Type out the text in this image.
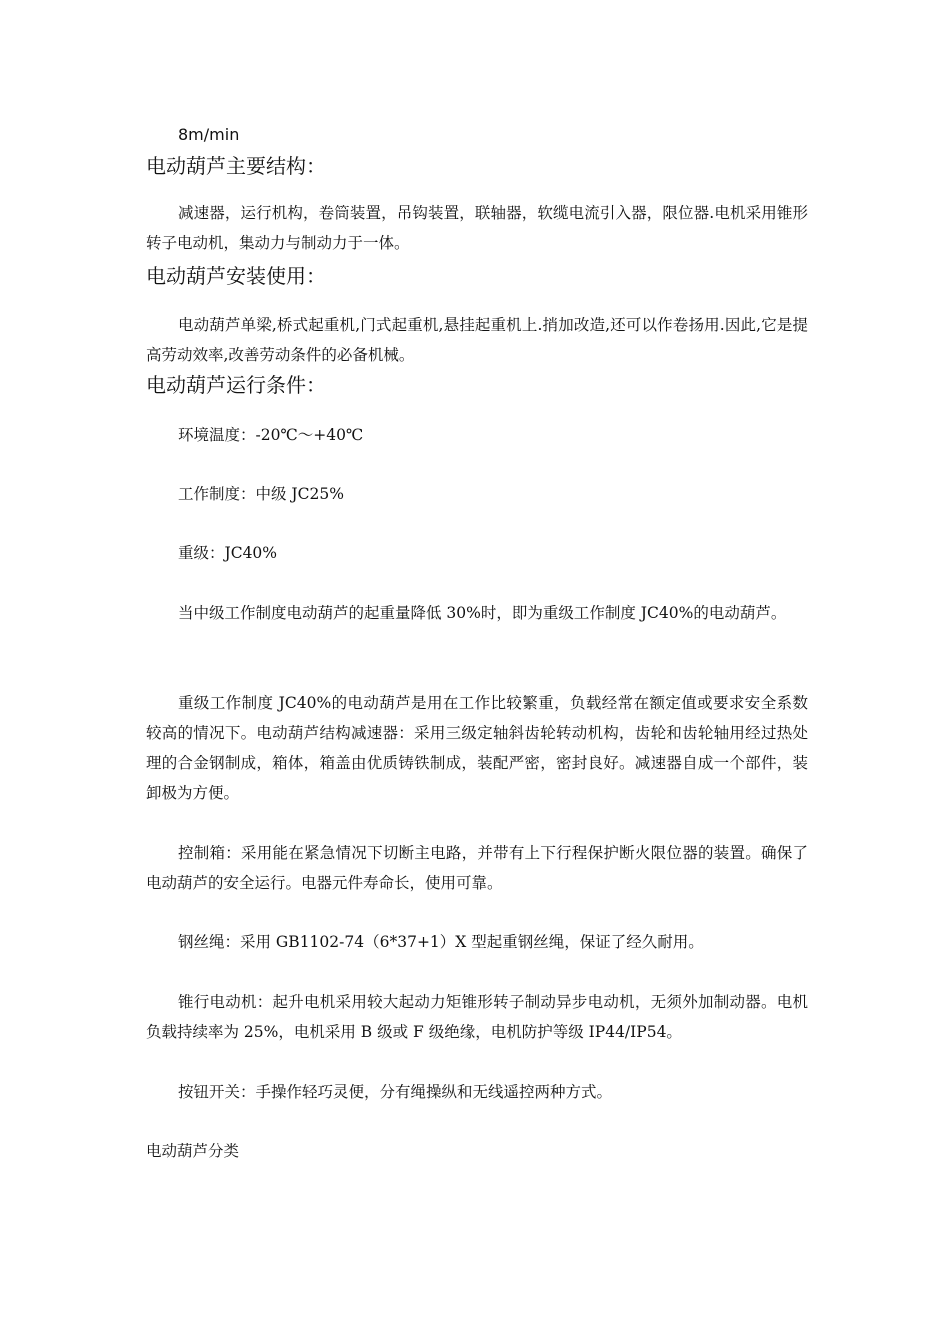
8m/min
电动葫芦主要结构：

减速器，运行机构，卷筒装置，吊钩装置，联轴器，软缆电流引入器，限位器.电机采用锥形转子电动机，集动力与制动力于一体。

电动葫芦安装使用：

电动葫芦单梁,桥式起重机,门式起重机,悬挂起重机上.捎加改造,还可以作卷扬用.因此,它是提高劳动效率,改善劳动条件的必备机械。

电动葫芦运行条件：

环境温度：-20℃～+40℃

工作制度：中级 JC25%

重级：JC40%

当中级工作制度电动葫芦的起重量降低 30%时，即为重级工作制度 JC40%的电动葫芦。

重级工作制度 JC40%的电动葫芦是用在工作比较繁重，负载经常在额定值或要求安全系数较高的情况下。电动葫芦结构减速器：采用三级定轴斜齿轮转动机构，齿轮和齿轮轴用经过热处理的合金钢制成，箱体，箱盖由优质铸铁制成，装配严密，密封良好。减速器自成一个部件，装卸极为方便。

控制箱：采用能在紧急情况下切断主电路，并带有上下行程保护断火限位器的装置。确保了电动葫芦的安全运行。电器元件寿命长，使用可靠。

钢丝绳：采用 GB1102-74（6*37+1）X 型起重钢丝绳，保证了经久耐用。

锥行电动机：起升电机采用较大起动力矩锥形转子制动异步电动机，无须外加制动器。电机负载持续率为 25%，电机采用 B 级或 F 级绝缘，电机防护等级 IP44/IP54。

按钮开关：手操作轻巧灵便，分有绳操纵和无线遥控两种方式。

电动葫芦分类
